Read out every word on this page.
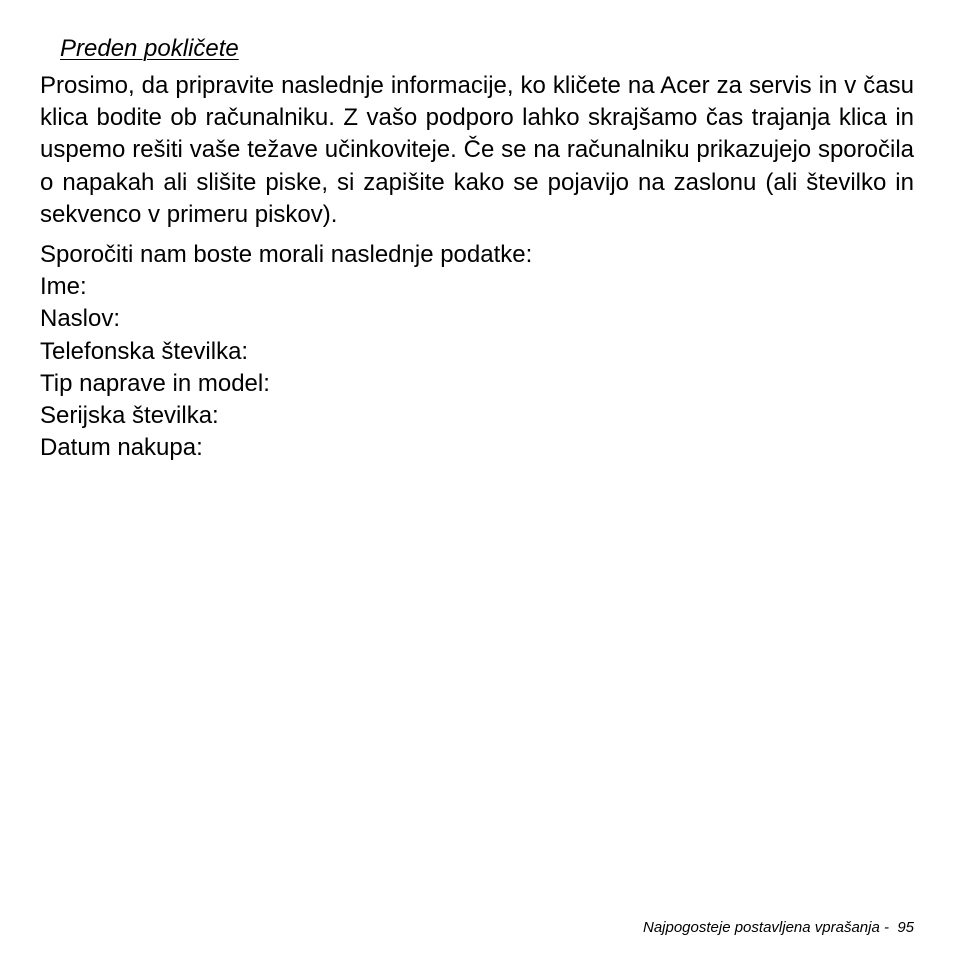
Preden pokličete

Prosimo, da pripravite naslednje informacije, ko kličete na Acer za servis in v času klica bodite ob računalniku. Z vašo podporo lahko skrajšamo čas trajanja klica in uspemo rešiti vaše težave učinkoviteje. Če se na računalniku prikazujejo sporočila o napakah ali slišite piske, si zapišite kako se pojavijo na zaslonu (ali številko in sekvenco v primeru piskov).

Sporočiti nam boste morali naslednje podatke:
Ime:
Naslov:
Telefonska številka:
Tip naprave in model:
Serijska številka:
Datum nakupa:
Najpogosteje postavljena vprašanja - 95
